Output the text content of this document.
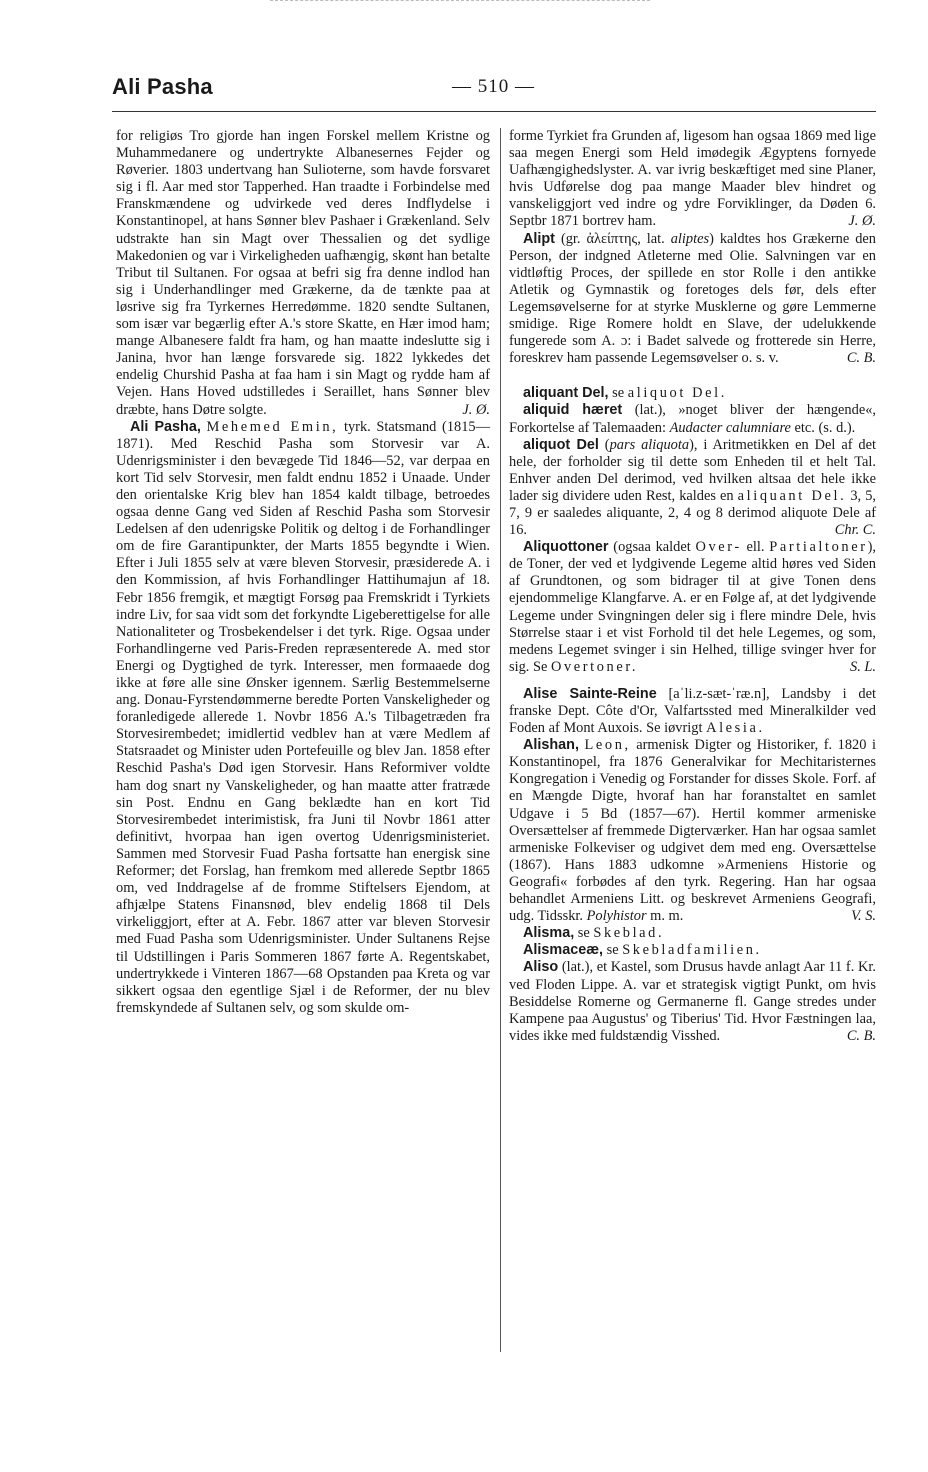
Ali Pasha	— 510 —

for religiøs Tro gjorde han ingen Forskel mellem Kristne og Muhammedanere og undertrykte Albanesernes Fejder og Røverier. 1803 undertvang han Sulioterne, som havde forsvaret sig i fl. Aar med stor Tapperhed. Han traadte i Forbindelse med Franskmændene og udvirkede ved deres Indflydelse i Konstantinopel, at hans Sønner blev Pashaer i Grækenland. Selv udstrakte han sin Magt over Thessalien og det sydlige Makedonien og var i Virkeligheden uafhængig, skønt han betalte Tribut til Sultanen. For ogsaa at befri sig fra denne indlod han sig i Underhandlinger med Grækerne, da de tænkte paa at løsrive sig fra Tyrkernes Herredømme. 1820 sendte Sultanen, som især var begærlig efter A.'s store Skatte, en Hær imod ham; mange Albanesere faldt fra ham, og han maatte indeslutte sig i Janina, hvor han længe forsvarede sig. 1822 lykkedes det endelig Churshid Pasha at faa ham i sin Magt og rydde ham af Vejen. Hans Hoved udstilledes i Seraillet, hans Sønner blev dræbte, hans Døtre solgte.	J. Ø.

Ali Pasha, Mehemed Emin, tyrk. Statsmand (1815—1871). Med Reschid Pasha som Storvesir var A. Udenrigsminister i den bevægede Tid 1846—52, var derpaa en kort Tid selv Storvesir, men faldt endnu 1852 i Unaade. Under den orientalske Krig blev han 1854 kaldt tilbage, betroedes ogsaa denne Gang ved Siden af Reschid Pasha som Storvesir Ledelsen af den udenrigske Politik og deltog i de Forhandlinger om de fire Garantipunkter, der Marts 1855 begyndte i Wien. Efter i Juli 1855 selv at være bleven Storvesir, præsiderede A. i den Kommission, af hvis Forhandlinger Hattihumajun af 18. Febr 1856 fremgik, et mægtigt Forsøg paa Fremskridt i Tyrkiets indre Liv, for saa vidt som det forkyndte Ligeberettigelse for alle Nationaliteter og Trosbekendelser i det tyrk. Rige. Ogsaa under Forhandlingerne ved Paris-Freden repræsenterede A. med stor Energi og Dygtighed de tyrk. Interesser, men formaaede dog ikke at føre alle sine Ønsker igennem. Særlig Bestemmelserne ang. Donau-Fyrstendømmerne beredte Porten Vanskeligheder og foranledigede allerede 1. Novbr 1856 A.'s Tilbagetræden fra Storvesirembedet; imidlertid vedblev han at være Medlem af Statsraadet og Minister uden Portefeuille og blev Jan. 1858 efter Reschid Pasha's Død igen Storvesir. Hans Reformiver voldte ham dog snart ny Vanskeligheder, og han maatte atter fratræde sin Post. Endnu en Gang beklædte han en kort Tid Storvesirembedet interimistisk, fra Juni til Novbr 1861 atter definitivt, hvorpaa han igen overtog Udenrigsministeriet. Sammen med Storvesir Fuad Pasha fortsatte han energisk sine Reformer; det Forslag, han fremkom med allerede Septbr 1865 om, ved Inddragelse af de fromme Stiftelsers Ejendom, at afhjælpe Statens Finansnød, blev endelig 1868 til Dels virkeliggjort, efter at A. Febr. 1867 atter var bleven Storvesir med Fuad Pasha som Udenrigsminister. Under Sultanens Rejse til Udstillingen i Paris Sommeren 1867 førte A. Regentskabet, undertrykkede i Vinteren 1867—68 Opstanden paa Kreta og var sikkert ogsaa den egentlige Sjæl i de Reformer, der nu blev fremskyndede af Sultanen selv, og som skulde om-

forme Tyrkiet fra Grunden af, ligesom han ogsaa 1869 med lige saa megen Energi som Held imødegik Ægyptens fornyede Uafhængighedslyster. A. var ivrig beskæftiget med sine Planer, hvis Udførelse dog paa mange Maader blev hindret og vanskeliggjort ved indre og ydre Forviklinger, da Døden 6. Septbr 1871 bortrev ham.	J. Ø.

Alipt (gr. ἀλείπτης, lat. aliptes) kaldtes hos Grækerne den Person, der indgned Atleterne med Olie. Salvningen var en vidtløftig Proces, der spillede en stor Rolle i den antikke Atletik og Gymnastik og foretoges dels før, dels efter Legemsøvelserne for at styrke Musklerne og gøre Lemmerne smidige. Rige Romere holdt en Slave, der udelukkende fungerede som A. ɔ: i Badet salvede og frotterede sin Herre, foreskrev ham passende Legemsøvelser o. s. v.	C. B.

aliquant Del, se aliquot Del.

aliquid hæret (lat.), »noget bliver der hængende«, Forkortelse af Talemaaden: Audacter calumniare etc. (s. d.).

aliquot Del (pars aliquota), i Aritmetikken en Del af det hele, der forholder sig til dette som Enheden til et helt Tal. Enhver anden Del derimod, ved hvilken altsaa det hele ikke lader sig dividere uden Rest, kaldes en aliquant Del. 3, 5, 7, 9 er saaledes aliquante, 2, 4 og 8 derimod aliquote Dele af 16.	Chr. C.

Aliquottoner (ogsaa kaldet Over- ell. Partialtoner), de Toner, der ved et lydgivende Legeme altid høres ved Siden af Grundtonen, og som bidrager til at give Tonen dens ejendommelige Klangfarve. A. er en Følge af, at det lydgivende Legeme under Svingningen deler sig i flere mindre Dele, hvis Størrelse staar i et vist Forhold til det hele Legemes, og som, medens Legemet svinger i sin Helhed, tillige svinger hver for sig. Se Overtoner.	S. L.

Alise Sainte-Reine [aˈli.z-sæt-ˈræ.n], Landsby i det franske Dept. Côte d'Or, Valfartssted med Mineralkilder ved Foden af Mont Auxois. Se iøvrigt Alesia.

Alishan, Leon, armenisk Digter og Historiker, f. 1820 i Konstantinopel, fra 1876 Generalvikar for Mechitaristernes Kongregation i Venedig og Forstander for disses Skole. Forf. af en Mængde Digte, hvoraf han har foranstaltet en samlet Udgave i 5 Bd (1857—67). Hertil kommer armeniske Oversættelser af fremmede Digterværker. Han har ogsaa samlet armeniske Folkeviser og udgivet dem med eng. Oversættelse (1867). Hans 1883 udkomne »Armeniens Historie og Geografi« forbødes af den tyrk. Regering. Han har ogsaa behandlet Armeniens Litt. og beskrevet Armeniens Geografi, udg. Tidsskr. Polyhistor m. m.	V. S.

Alisma, se Skeblad.

Alismaceæ, se Skebladfamilien.

Aliso (lat.), et Kastel, som Drusus havde anlagt Aar 11 f. Kr. ved Floden Lippe. A. var et strategisk vigtigt Punkt, om hvis Besiddelse Romerne og Germanerne fl. Gange stredes under Kampene paa Augustus' og Tiberius' Tid. Hvor Fæstningen laa, vides ikke med fuldstændig Visshed.	C. B.
